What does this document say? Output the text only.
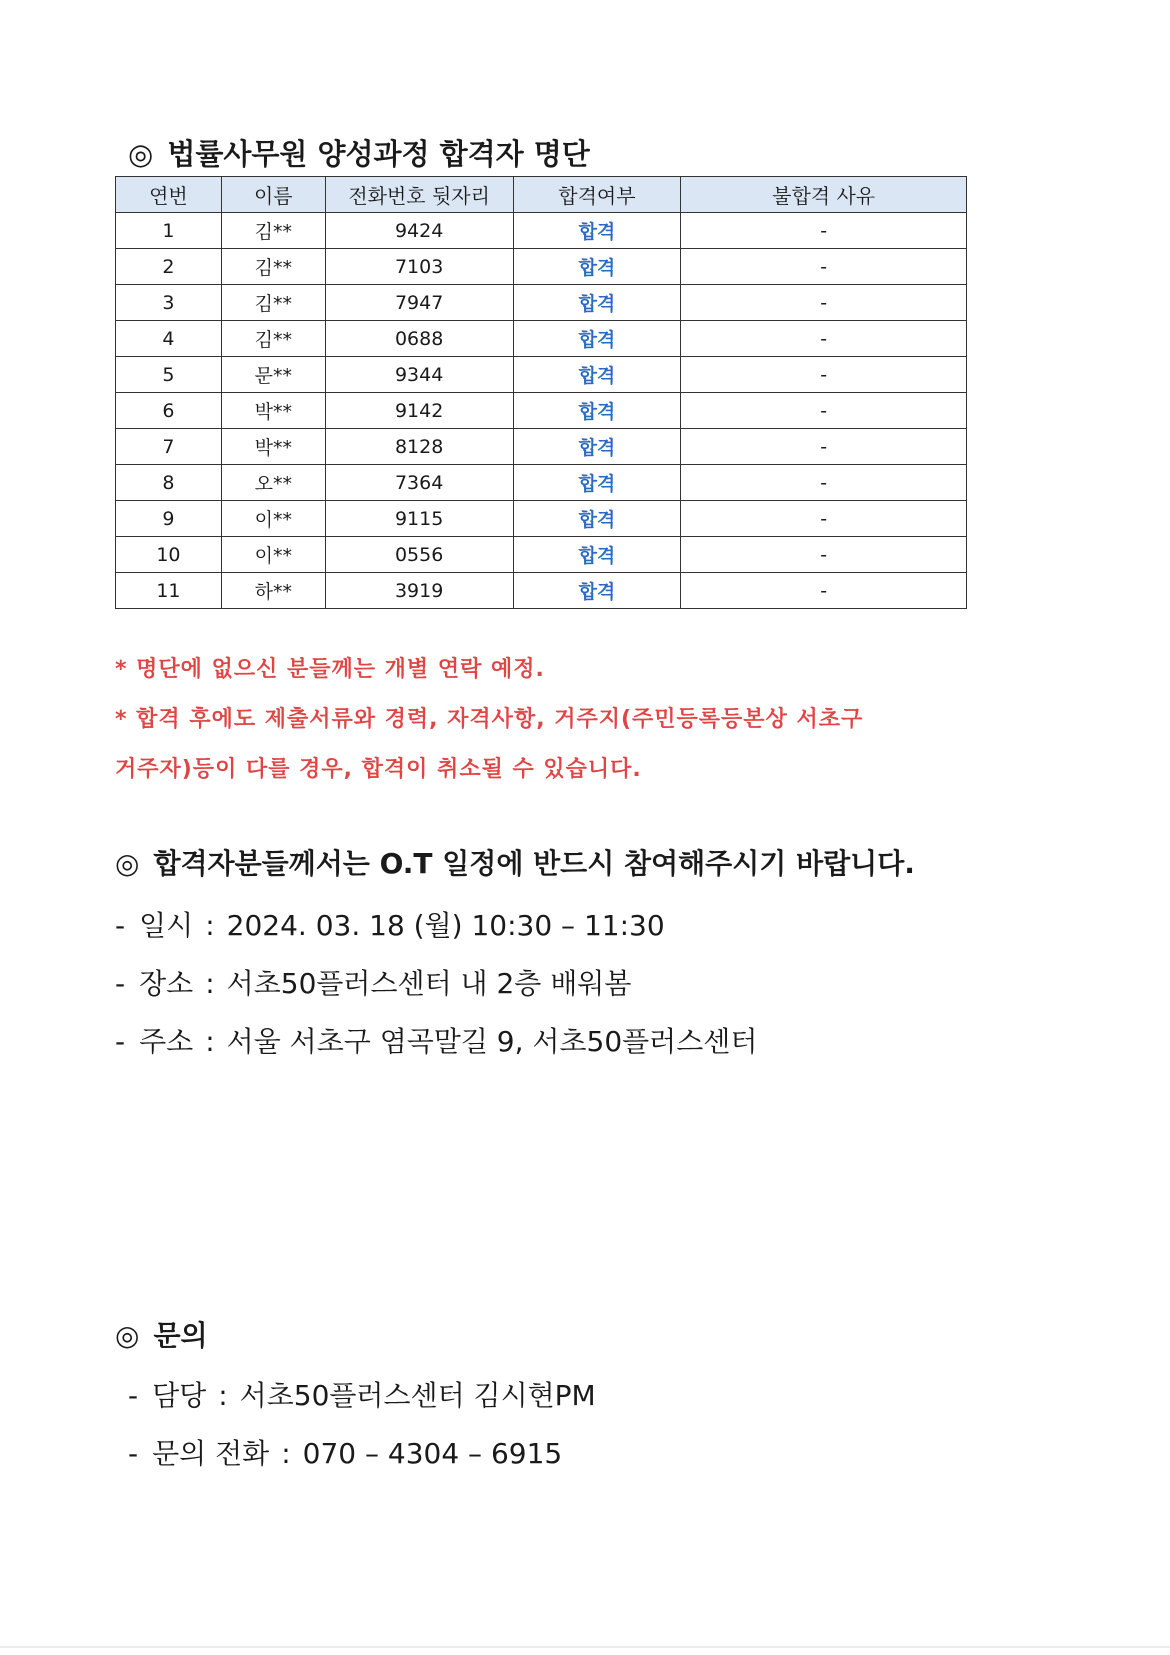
◎ 법률사무원 양성과정 합격자 명단
연번	이름	전화번호 뒷자리	합격여부	불합격 사유
1	김**	9424	합격	-
2	김**	7103	합격	-
3	김**	7947	합격	-
4	김**	0688	합격	-
5	문**	9344	합격	-
6	박**	9142	합격	-
7	박**	8128	합격	-
8	오**	7364	합격	-
9	이**	9115	합격	-
10	이**	0556	합격	-
11	하**	3919	합격	-
* 명단에 없으신 분들께는 개별 연락 예정.
* 합격 후에도 제출서류와 경력, 자격사항, 거주지(주민등록등본상 서초구
거주자)등이 다를 경우, 합격이 취소될 수 있습니다.
◎ 합격자분들께서는 O.T 일정에 반드시 참여해주시기 바랍니다.
- 일시 : 2024. 03. 18 (월) 10:30 – 11:30
- 장소 : 서초50플러스센터 내 2층 배워봄
- 주소 : 서울 서초구 염곡말길 9, 서초50플러스센터
◎ 문의
- 담당 : 서초50플러스센터 김시현PM
- 문의 전화 : 070 – 4304 – 6915
